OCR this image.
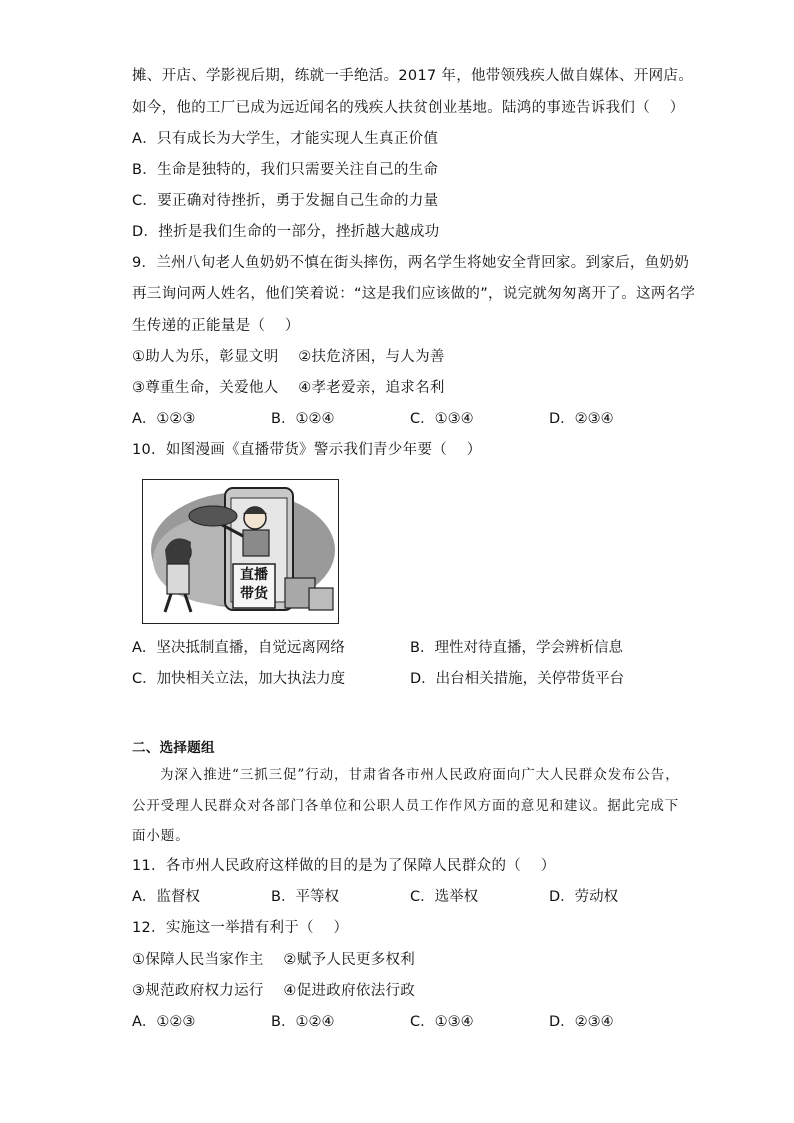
摊、开店、学影视后期，练就一手绝活。2017 年，他带领残疾人做自媒体、开网店。
如今，他的工厂已成为远近闻名的残疾人扶贫创业基地。陆鸿的事迹告诉我们（　 ）
A．只有成长为大学生，才能实现人生真正价值
B．生命是独特的，我们只需要关注自己的生命
C．要正确对待挫折，勇于发掘自己生命的力量
D．挫折是我们生命的一部分，挫折越大越成功
9．兰州八旬老人鱼奶奶不慎在街头摔伤，两名学生将她安全背回家。到家后，鱼奶奶
再三询问两人姓名，他们笑着说：“这是我们应该做的”，说完就匆匆离开了。这两名学
生传递的正能量是（　 ）
①助人为乐，彰显文明　 ②扶危济困，与人为善
③尊重生命，关爱他人　 ④孝老爱亲，追求名利
A．①②③	B．①②④	C．①③④	D．②③④
10．如图漫画《直播带货》警示我们青少年要（　 ）
直播
带货
A．坚决抵制直播，自觉远离网络	B．理性对待直播，学会辨析信息
C．加快相关立法，加大执法力度	D．出台相关措施，关停带货平台
二、选择题组
为深入推进“三抓三促”行动，甘肃省各市州人民政府面向广大人民群众发布公告，
公开受理人民群众对各部门各单位和公职人员工作作风方面的意见和建议。据此完成下
面小题。
11．各市州人民政府这样做的目的是为了保障人民群众的（　 ）
A．监督权	B．平等权	C．选举权	D．劳动权
12．实施这一举措有利于（　 ）
①保障人民当家作主　 ②赋予人民更多权利
③规范政府权力运行　 ④促进政府依法行政
A．①②③	B．①②④	C．①③④	D．②③④
